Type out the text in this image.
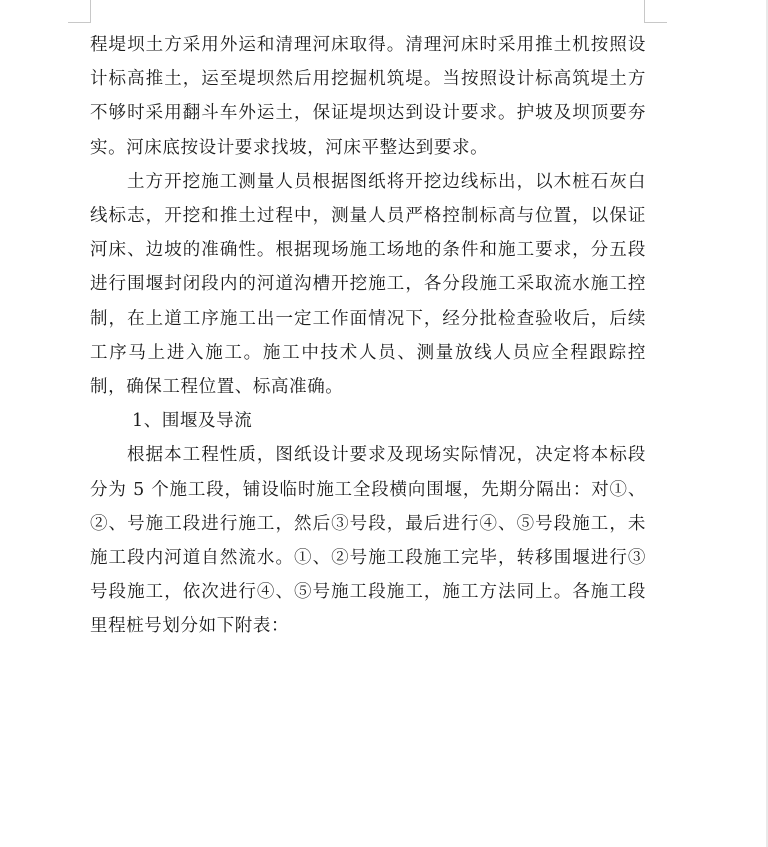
程堤坝土方采用外运和清理河床取得。清理河床时采用推土机按照设计标高推土，运至堤坝然后用挖掘机筑堤。当按照设计标高筑堤土方不够时采用翻斗车外运土，保证堤坝达到设计要求。护坡及坝顶要夯实。河床底按设计要求找坡，河床平整达到要求。

土方开挖施工测量人员根据图纸将开挖边线标出，以木桩石灰白线标志，开挖和推土过程中，测量人员严格控制标高与位置，以保证河床、边坡的准确性。根据现场施工场地的条件和施工要求，分五段进行围堰封闭段内的河道沟槽开挖施工，各分段施工采取流水施工控制，在上道工序施工出一定工作面情况下，经分批检查验收后，后续工序马上进入施工。施工中技术人员、测量放线人员应全程跟踪控制，确保工程位置、标高准确。

1、围堰及导流

根据本工程性质，图纸设计要求及现场实际情况，决定将本标段分为 5 个施工段，铺设临时施工全段横向围堰，先期分隔出：对①、②、号施工段进行施工，然后③号段，最后进行④、⑤号段施工，未施工段内河道自然流水。①、②号施工段施工完毕，转移围堰进行③号段施工，依次进行④、⑤号施工段施工，施工方法同上。各施工段里程桩号划分如下附表：
